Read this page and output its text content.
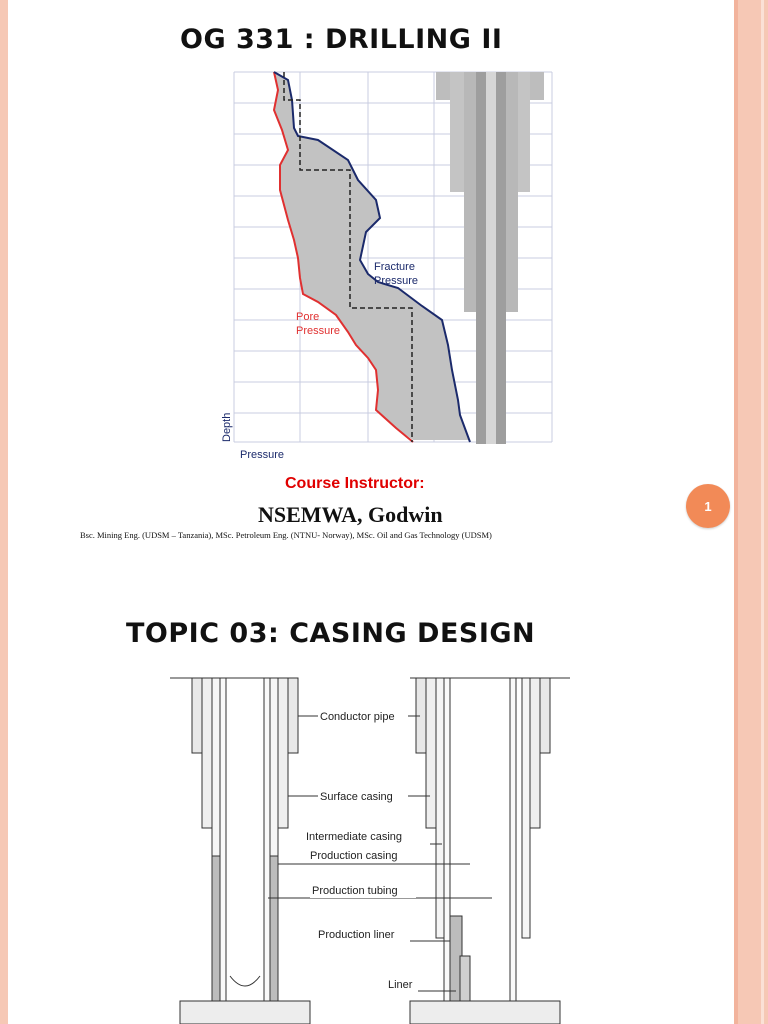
OG 331 : DRILLING II
Fracture
Pressure
Pore
Pressure
Depth
Pressure
Course Instructor:
NSEMWA, Godwin
Bsc. Mining Eng. (UDSM – Tanzania), MSc. Petroleum Eng. (NTNU- Norway), MSc. Oil and Gas Technology (UDSM)
1
TOPIC 03: CASING DESIGN
Conductor pipe
Surface casing
Intermediate casing
Production casing
Production tubing
Production liner
Liner
